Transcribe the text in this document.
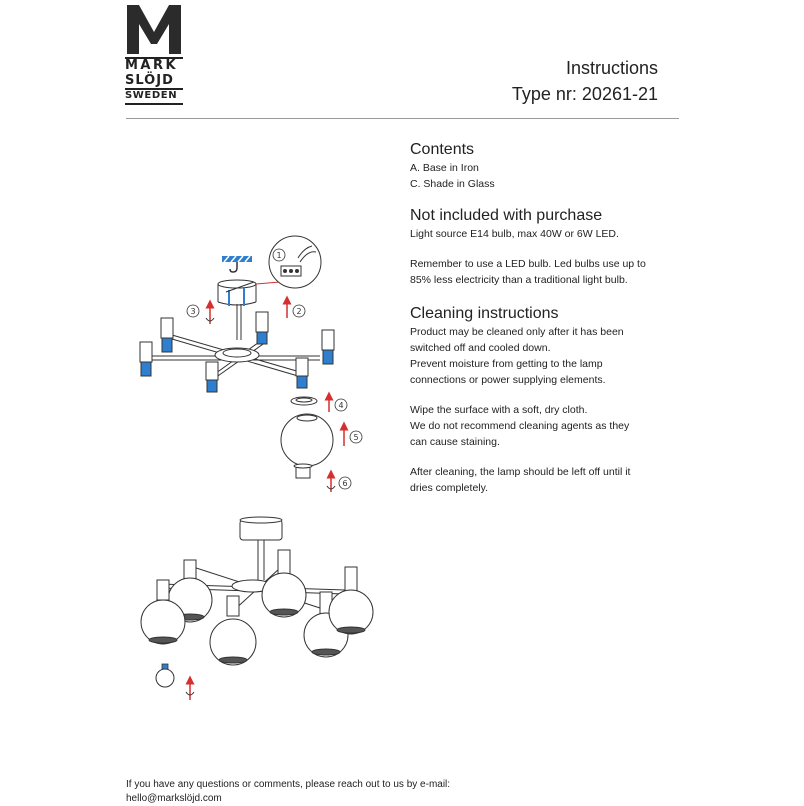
M
MARK
SLÖJD
SWEDEN
Instructions
Type nr: 20261-21

Contents

A. Base in Iron

C. Shade in Glass

Not included with purchase

Light source E14 bulb, max 40W or 6W LED.

Remember to use a LED bulb. Led bulbs use up to

85% less electricity than a traditional light bulb.

Cleaning instructions

Product may be cleaned only after it has been

switched off and cooled down.

Prevent moisture from getting to the lamp

connections or power supplying elements.

Wipe the surface with a soft, dry cloth.

We do not recommend cleaning agents as they

can cause staining.

After cleaning, the lamp should be left off until it

dries completely.

1
2
3
4
5
6
If you have any questions or comments, please reach out to us by e-mail:
hello@markslöjd.com
